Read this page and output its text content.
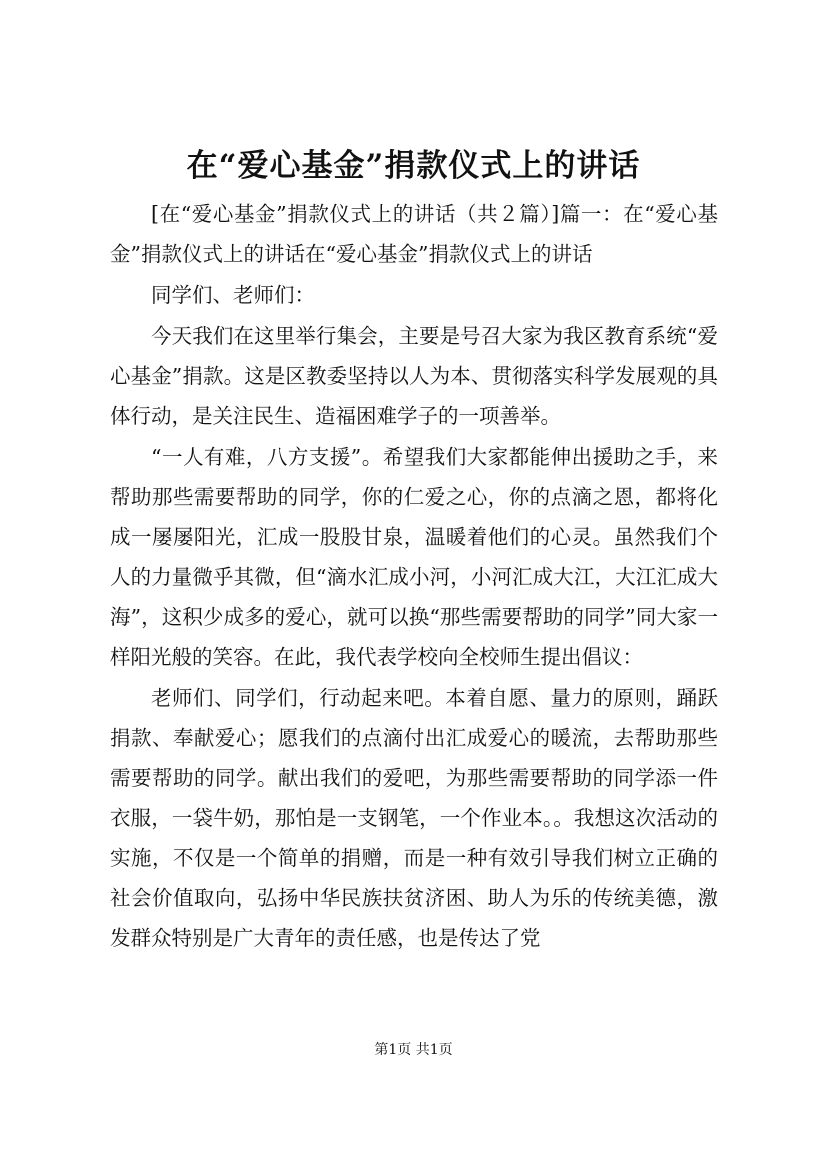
在“爱心基金”捐款仪式上的讲话

[在“爱心基金”捐款仪式上的讲话（共２篇）]篇一：在“爱心基金”捐款仪式上的讲话在“爱心基金”捐款仪式上的讲话

同学们、老师们：

今天我们在这里举行集会，主要是号召大家为我区教育系统“爱心基金”捐款。这是区教委坚持以人为本、贯彻落实科学发展观的具体行动，是关注民生、造福困难学子的一项善举。

“一人有难，八方支援”。希望我们大家都能伸出援助之手，来帮助那些需要帮助的同学，你的仁爱之心，你的点滴之恩，都将化成一屡屡阳光，汇成一股股甘泉，温暖着他们的心灵。虽然我们个人的力量微乎其微，但“滴水汇成小河，小河汇成大江，大江汇成大海”，这积少成多的爱心，就可以换“那些需要帮助的同学”同大家一样阳光般的笑容。在此，我代表学校向全校师生提出倡议：

老师们、同学们，行动起来吧。本着自愿、量力的原则，踊跃捐款、奉献爱心；愿我们的点滴付出汇成爱心的暖流，去帮助那些需要帮助的同学。献出我们的爱吧，为那些需要帮助的同学添一件衣服，一袋牛奶，那怕是一支钢笔，一个作业本。。我想这次活动的实施，不仅是一个简单的捐赠，而是一种有效引导我们树立正确的社会价值取向，弘扬中华民族扶贫济困、助人为乐的传统美德，激发群众特别是广大青年的责任感，也是传达了党

第1页 共1页
